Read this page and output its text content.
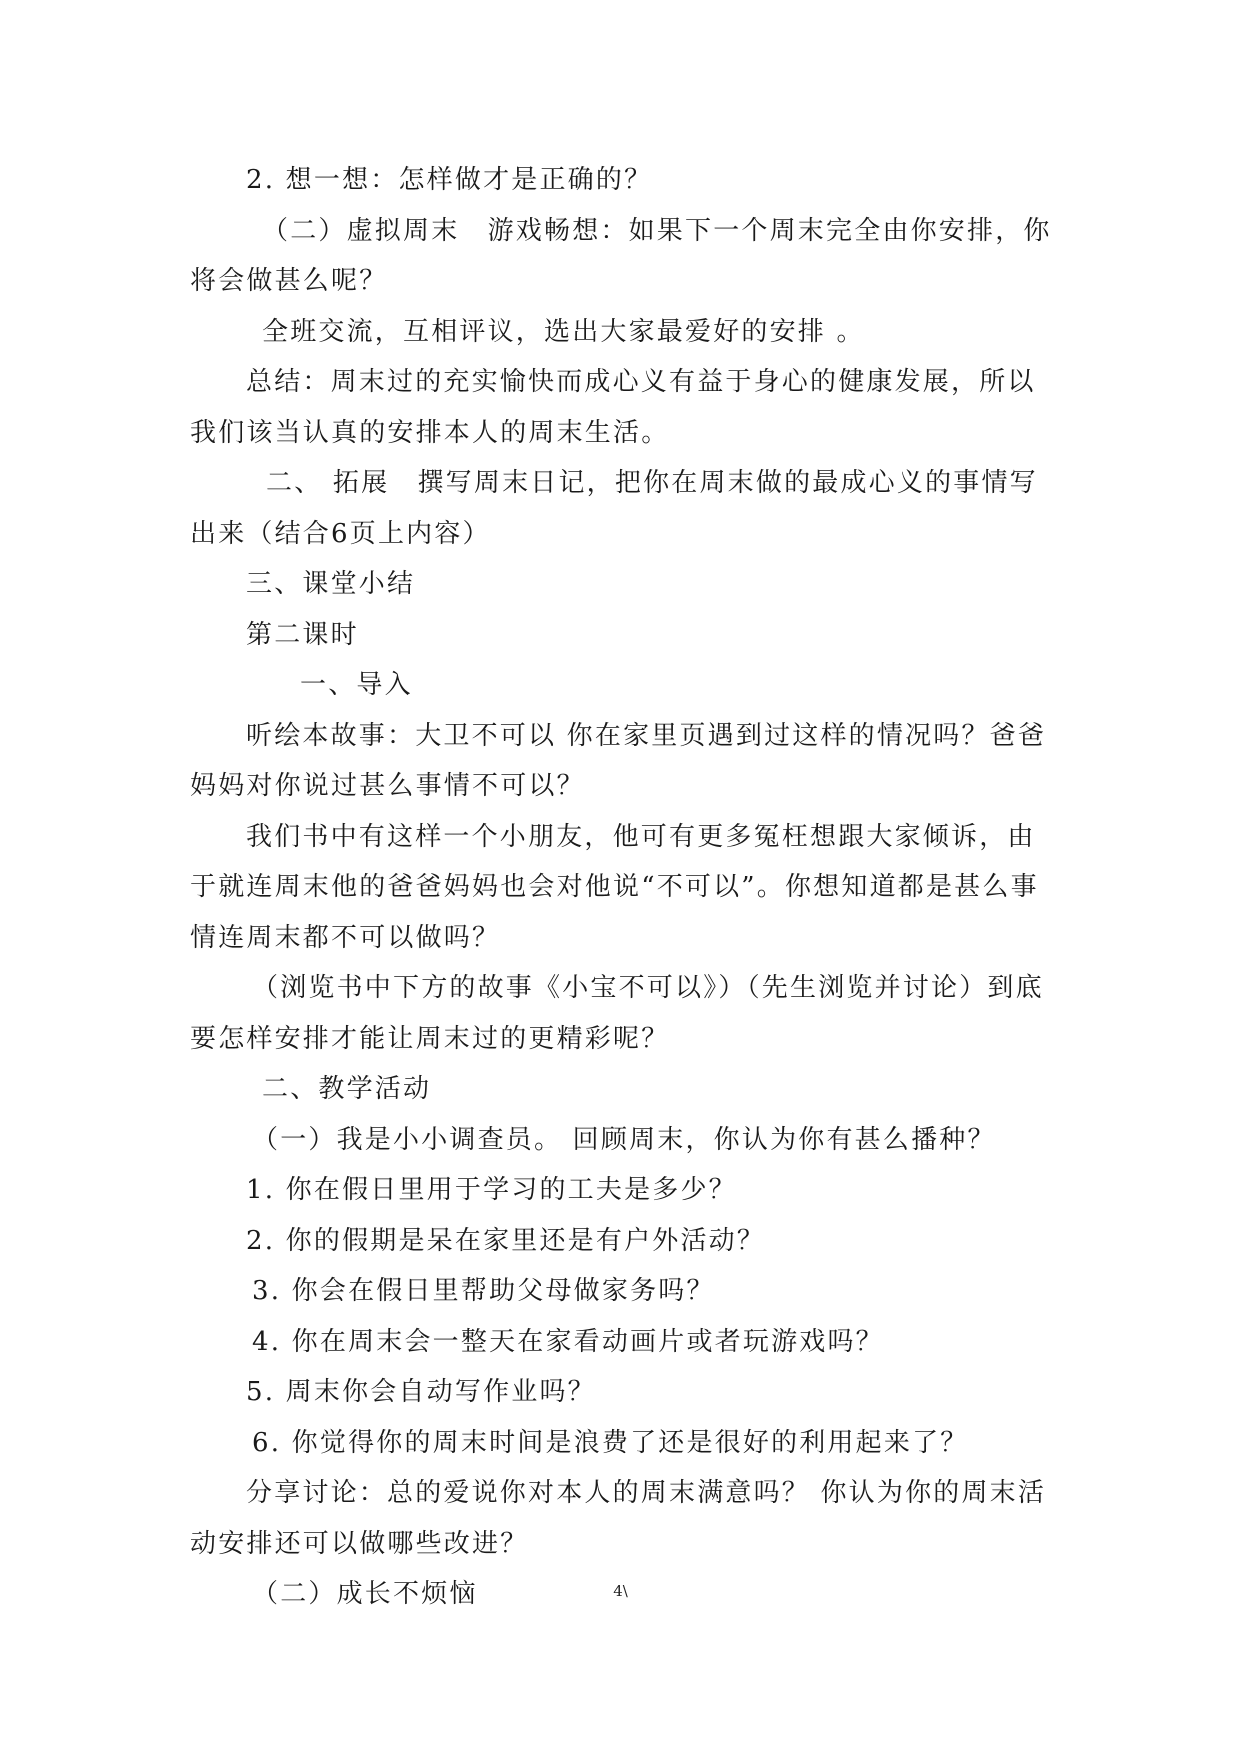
2. 想一想：怎样做才是正确的？

（二）虚拟周末　游戏畅想：如果下一个周末完全由你安排，你将会做甚么呢？

全班交流，互相评议，选出大家最爱好的安排 。

总结：周末过的充实愉快而成心义有益于身心的健康发展，所以我们该当认真的安排本人的周末生活。

二、 拓展　撰写周末日记，把你在周末做的最成心义的事情写出来（结合6页上内容）

三、课堂小结

第二课时

一、导入

听绘本故事：大卫不可以 你在家里页遇到过这样的情况吗？爸爸妈妈对你说过甚么事情不可以？

我们书中有这样一个小朋友，他可有更多冤枉想跟大家倾诉，由于就连周末他的爸爸妈妈也会对他说“不可以”。你想知道都是甚么事情连周末都不可以做吗？

（浏览书中下方的故事《小宝不可以》）（先生浏览并讨论）到底要怎样安排才能让周末过的更精彩呢？

二、教学活动

（一）我是小小调查员。 回顾周末，你认为你有甚么播种？

1. 你在假日里用于学习的工夫是多少？

2. 你的假期是呆在家里还是有户外活动？

3. 你会在假日里帮助父母做家务吗？

4. 你在周末会一整天在家看动画片或者玩游戏吗？

5. 周末你会自动写作业吗？

6. 你觉得你的周末时间是浪费了还是很好的利用起来了？

分享讨论：总的爱说你对本人的周末满意吗？ 你认为你的周末活动安排还可以做哪些改进？

（二）成长不烦恼	4\
